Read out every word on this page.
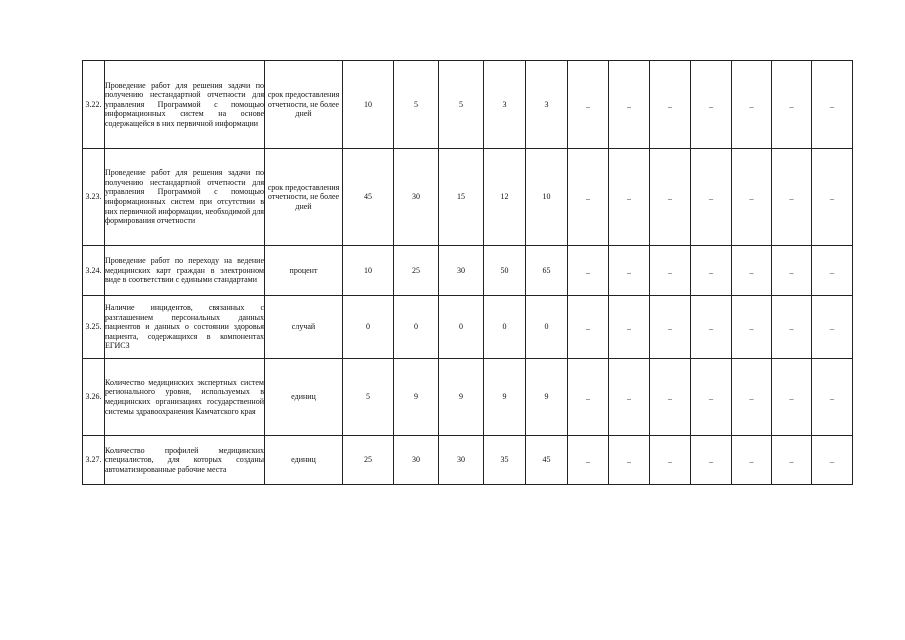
3.22.	Проведение работ для решения задачи по получению нестандартной отчетности для управления Программой с помощью информационных систем на основе содержащейся в них первичной информации	срок предоставления отчетности, не более дней	10	5	5	3	3	_	_	_	_	_	_	_
3.23.	Проведение работ для решения задачи по получению нестандартной отчетности для управления Программой с помощью информационных систем при отсутствии в них первичной информации, необходимой для формирования отчетности	срок предоставления отчетности, не более дней	45	30	15	12	10	_	_	_	_	_	_	_
3.24.	Проведение работ по переходу на ведение медицинских карт граждан в электронном виде в соответствии с едиными стандартами	процент	10	25	30	50	65	_	_	_	_	_	_	_
3.25.	Наличие инцидентов, связанных с разглашением персональных данных пациентов и данных о состоянии здоровья пациента, содержащихся в компонентах ЕГИСЗ	случай	0	0	0	0	0	_	_	_	_	_	_	_
3.26.	Количество медицинских экспертных систем регионального уровня, используемых в медицинских организациях государственной системы здравоохранения Камчатского края	единиц	5	9	9	9	9	_	_	_	_	_	_	_
3.27.	Количество профилей медицинских специалистов, для которых созданы автоматизированные рабочие места	единиц	25	30	30	35	45	_	_	_	_	_	_	_
